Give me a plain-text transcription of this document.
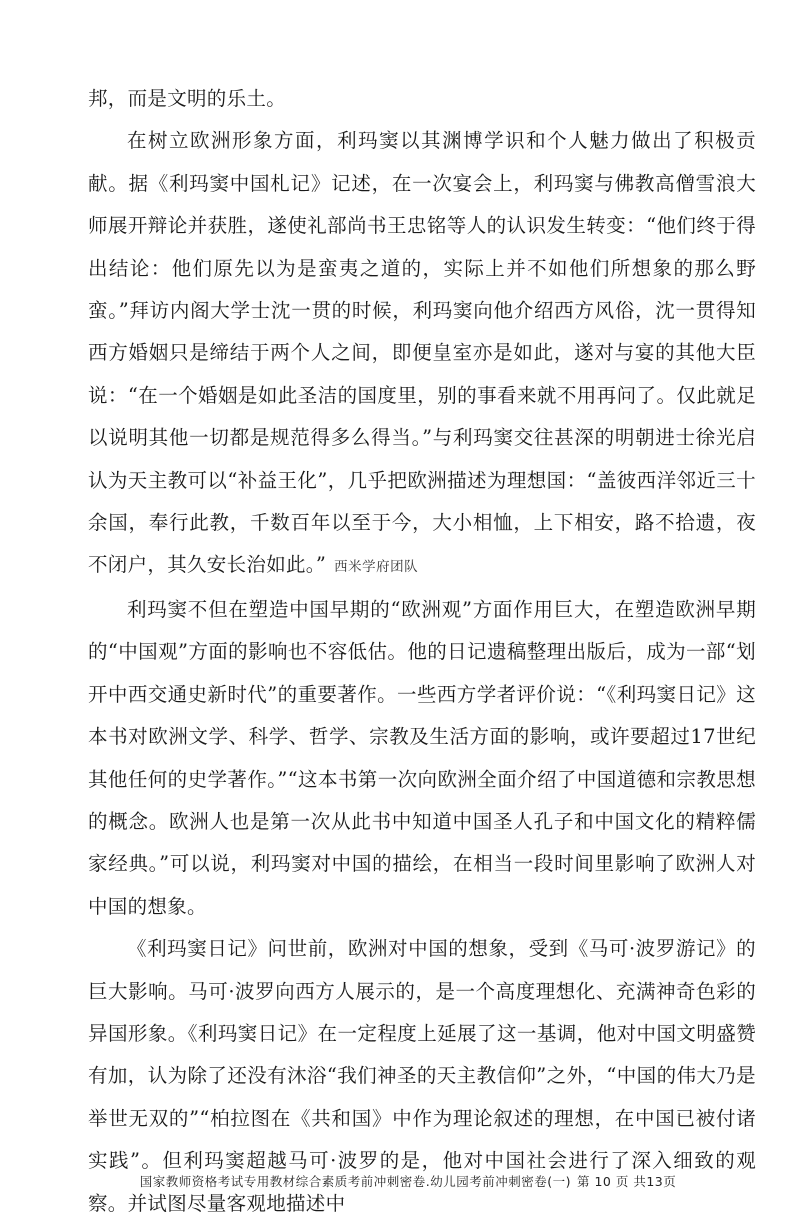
邦，而是文明的乐土。

在树立欧洲形象方面，利玛窦以其渊博学识和个人魅力做出了积极贡献。据《利玛窦中国札记》记述，在一次宴会上，利玛窦与佛教高僧雪浪大师展开辩论并获胜，遂使礼部尚书王忠铭等人的认识发生转变：“他们终于得出结论：他们原先以为是蛮夷之道的，实际上并不如他们所想象的那么野蛮。”拜访内阁大学士沈一贯的时候，利玛窦向他介绍西方风俗，沈一贯得知西方婚姻只是缔结于两个人之间，即便皇室亦是如此，遂对与宴的其他大臣说：“在一个婚姻是如此圣洁的国度里，别的事看来就不用再问了。仅此就足以说明其他一切都是规范得多么得当。”与利玛窦交往甚深的明朝进士徐光启认为天主教可以“补益王化”，几乎把欧洲描述为理想国：“盖彼西洋邻近三十余国，奉行此教，千数百年以至于今，大小相恤，上下相安，路不拾遗，夜不闭户，其久安长治如此。” 西米学府团队

利玛窦不但在塑造中国早期的“欧洲观”方面作用巨大，在塑造欧洲早期的“中国观”方面的影响也不容低估。他的日记遗稿整理出版后，成为一部“划开中西交通史新时代”的重要著作。一些西方学者评价说：“《利玛窦日记》这本书对欧洲文学、科学、哲学、宗教及生活方面的影响，或许要超过17世纪其他任何的史学著作。”“这本书第一次向欧洲全面介绍了中国道德和宗教思想的概念。欧洲人也是第一次从此书中知道中国圣人孔子和中国文化的精粹儒家经典。”可以说，利玛窦对中国的描绘，在相当一段时间里影响了欧洲人对中国的想象。

《利玛窦日记》问世前，欧洲对中国的想象，受到《马可·波罗游记》的巨大影响。马可·波罗向西方人展示的，是一个高度理想化、充满神奇色彩的异国形象。《利玛窦日记》在一定程度上延展了这一基调，他对中国文明盛赞有加，认为除了还没有沐浴“我们神圣的天主教信仰”之外，“中国的伟大乃是举世无双的”“柏拉图在《共和国》中作为理论叙述的理想，在中国已被付诸实践”。但利玛窦超越马可·波罗的是，他对中国社会进行了深入细致的观察。并试图尽量客观地描述中

国家教师资格考试专用教材综合素质考前冲刺密卷.幼儿园考前冲刺密卷(一) 第 10 页 共13页
